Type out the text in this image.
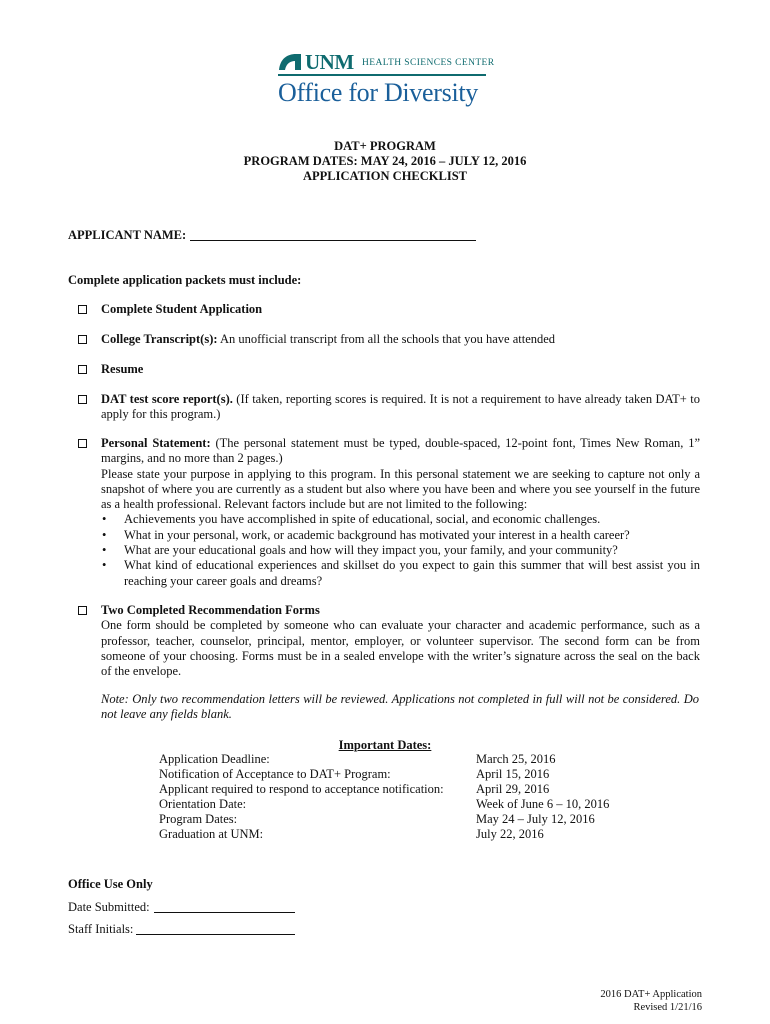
UNM HEALTH SCIENCES CENTER
Office for Diversity
DAT+ PROGRAM
PROGRAM DATES: MAY 24, 2016 – JULY 12, 2016
APPLICATION CHECKLIST
APPLICANT NAME:
Complete application packets must include:
Complete Student Application
College Transcript(s): An unofficial transcript from all the schools that you have attended
Resume
DAT test score report(s). (If taken, reporting scores is required. It is not a requirement to have already taken DAT+ to apply for this program.)
Personal Statement: (The personal statement must be typed, double-spaced, 12-point font, Times New Roman, 1” margins, and no more than 2 pages.)
Please state your purpose in applying to this program. In this personal statement we are seeking to capture not only a snapshot of where you are currently as a student but also where you have been and where you see yourself in the future as a health professional. Relevant factors include but are not limited to the following:
• Achievements you have accomplished in spite of educational, social, and economic challenges.
• What in your personal, work, or academic background has motivated your interest in a health career?
• What are your educational goals and how will they impact you, your family, and your community?
• What kind of educational experiences and skillset do you expect to gain this summer that will best assist you in reaching your career goals and dreams?
Two Completed Recommendation Forms
One form should be completed by someone who can evaluate your character and academic performance, such as a professor, teacher, counselor, principal, mentor, employer, or volunteer supervisor. The second form can be from someone of your choosing. Forms must be in a sealed envelope with the writer’s signature across the seal on the back of the envelope.
Note: Only two recommendation letters will be reviewed. Applications not completed in full will not be considered. Do not leave any fields blank.
Important Dates:
Application Deadline:
Notification of Acceptance to DAT+ Program:
Applicant required to respond to acceptance notification:
Orientation Date:
Program Dates:
Graduation at UNM:
March 25, 2016
April 15, 2016
April 29, 2016
Week of June 6 – 10, 2016
May 24 – July 12, 2016
July 22, 2016
Office Use Only
Date Submitted:
Staff Initials:
2016 DAT+ Application
Revised 1/21/16
